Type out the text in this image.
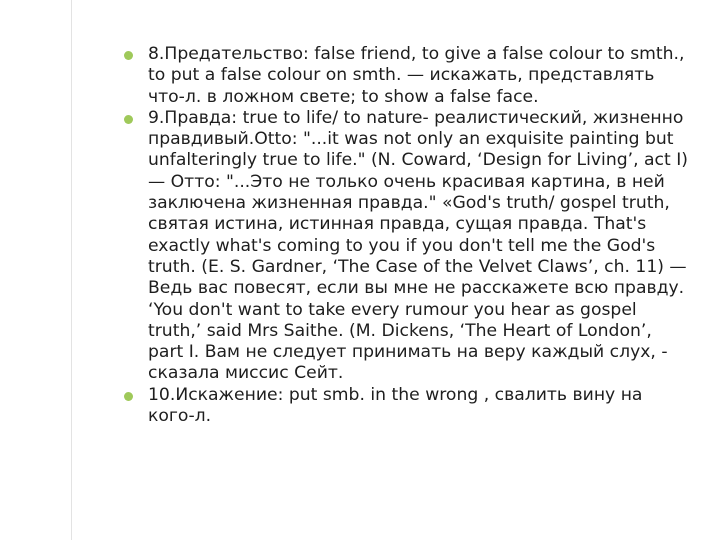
8.Предательство: false friend, to give a false colour to smth., to put a false colour on smth. — искажать, представлять что-л. в ложном свете; to show a false face.
9.Правда: true to life/ to nature- реалистический, жизненно правдивый.Otto: "...it was not only an exquisite painting but unfalteringly true to life." (N. Coward, ‘Design for Living’, act I) — Отто: "...Это не только очень красивая картина, в ней заключена жизненная правда." «God's truth/ gospel truth, святая истина, истинная правда, сущая правда. That's exactly what's coming to you if you don't tell me the God's truth. (E. S. Gardner, ‘The Case of the Velvet Claws’, ch. 11) — Ведь вас повесят, если вы мне не расскажете всю правду. ‘You don't want to take every rumour you hear as gospel truth,’ said Mrs Saithe. (M. Dickens, ‘The Heart of London’, part I. Вам не следует принимать на веру каждый слух, - сказала миссис Сейт.
10.Искажение: put smb. in the wrong , свалить вину на кого-л.
